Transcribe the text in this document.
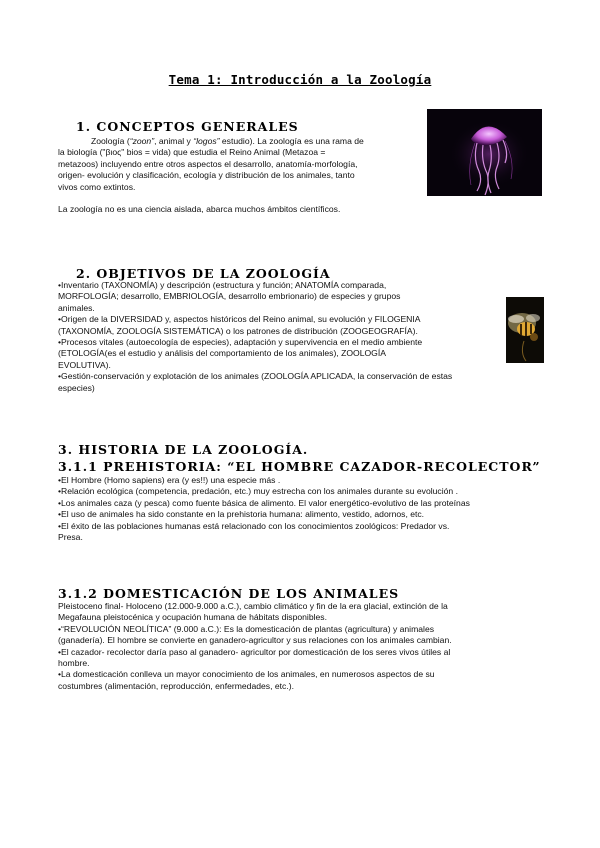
Tema 1: Introducción a la Zoología
1. CONCEPTOS GENERALES
Zoología (“zoon”, animal y “logos” estudio). La zoología es una rama de
la biología ("βιος" bios = vida) que estudia el Reino Animal (Metazoa =
metazoos) incluyendo entre otros aspectos el desarrollo, anatomía-morfología,
origen- evolución y clasificación, ecología y distribución de los animales, tanto
vivos como extintos.
La zoología no es una ciencia aislada, abarca muchos ámbitos científicos.
2. OBJETIVOS DE LA ZOOLOGÍA
•Inventario (TAXONOMÍA) y descripción (estructura y función; ANATOMÍA comparada,
MORFOLOGÍA; desarrollo, EMBRIOLOGÍA, desarrollo embrionario) de especies y grupos
animales.
•Origen de la DIVERSIDAD y, aspectos históricos del Reino animal, su evolución y FILOGENIA
(TAXONOMÍA, ZOOLOGÍA SISTEMÁTICA) o los patrones de distribución (ZOOGEOGRAFÍA).
•Procesos vitales (autoecología de especies), adaptación y supervivencia en el medio ambiente
(ETOLOGÍA(es el estudio y análisis del comportamiento de los animales), ZOOLOGÍA
EVOLUTIVA).
•Gestión-conservación y explotación de los animales (ZOOLOGÍA APLICADA, la conservación de estas
especies)
3. HISTORIA DE LA ZOOLOGÍA.
3.1.1 PREHISTORIA: “EL HOMBRE CAZADOR-RECOLECTOR”
•El Hombre (Homo sapiens) era (y es!!) una especie más .
•Relación ecológica (competencia, predación, etc.) muy estrecha con los animales durante su evolución .
•Los animales caza (y pesca) como fuente básica de alimento. El valor energético-evolutivo de las proteínas
•El uso de animales ha sido constante en la prehistoria humana: alimento, vestido, adornos, etc.
•El éxito de las poblaciones humanas está relacionado con los conocimientos zoológicos: Predador vs.
Presa.
3.1.2 DOMESTICACIÓN DE LOS ANIMALES
Pleistoceno final- Holoceno (12.000-9.000 a.C.), cambio climático y fin de la era glacial, extinción de la
Megafauna pleistocénica y ocupación humana de hábitats disponibles.
•“REVOLUCIÓN NEOLÍTICA” (9.000 a.C.): Es la domesticación de plantas (agricultura) y animales
(ganadería). El hombre se convierte en ganadero-agricultor y sus relaciones con los animales cambian.
•El cazador- recolector daría paso al ganadero- agricultor por domesticación de los seres vivos útiles al
hombre.
•La domesticación conlleva un mayor conocimiento de los animales, en numerosos aspectos de su
costumbres (alimentación, reproducción, enfermedades, etc.).
